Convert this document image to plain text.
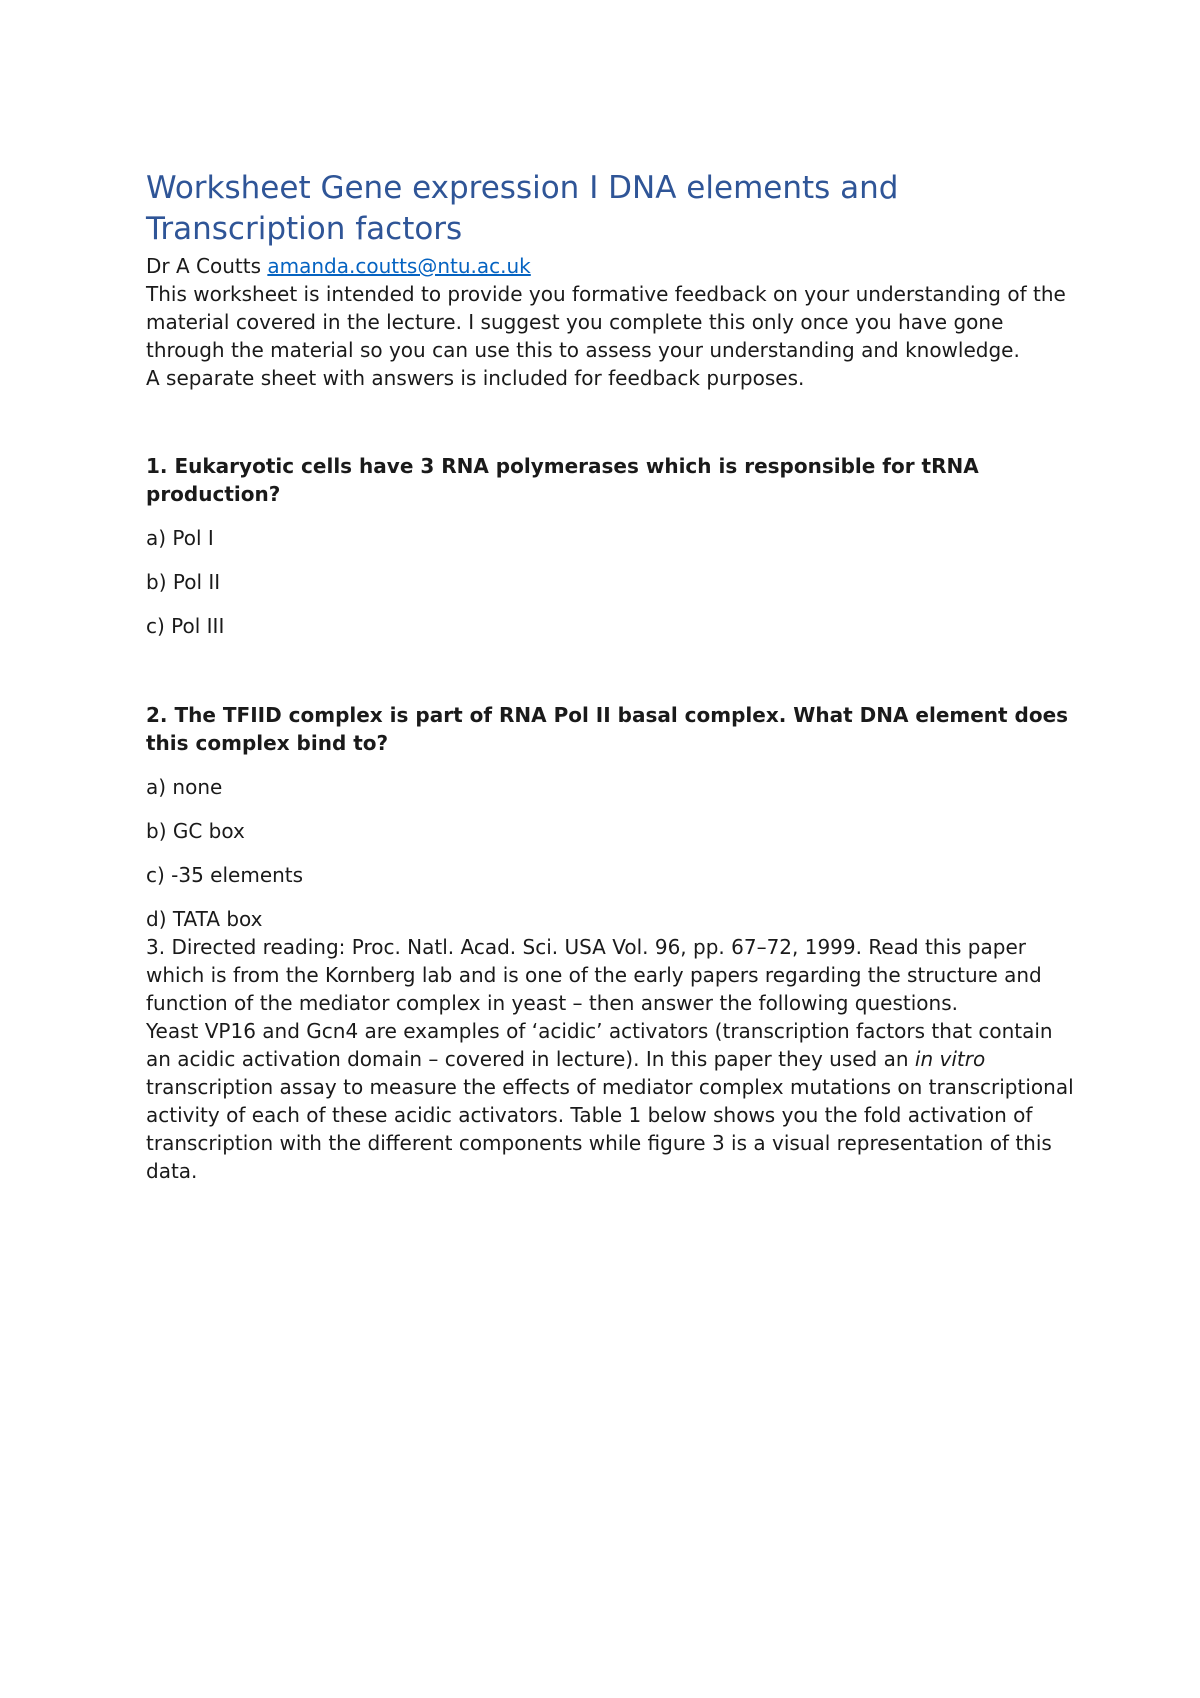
Worksheet Gene expression I DNA elements and Transcription factors

Dr A Coutts amanda.coutts@ntu.ac.uk

This worksheet is intended to provide you formative feedback on your understanding of the material covered in the lecture. I suggest you complete this only once you have gone through the material so you can use this to assess your understanding and knowledge.

A separate sheet with answers is included for feedback purposes.

1. Eukaryotic cells have 3 RNA polymerases which is responsible for tRNA production?

a) Pol I

b) Pol II

c) Pol III

2. The TFIID complex is part of RNA Pol II basal complex. What DNA element does this complex bind to?

a) none

b) GC box

c) -35 elements

d) TATA box

3. Directed reading: Proc. Natl. Acad. Sci. USA Vol. 96, pp. 67–72, 1999. Read this paper which is from the Kornberg lab and is one of the early papers regarding the structure and function of the mediator complex in yeast – then answer the following questions.

Yeast VP16 and Gcn4 are examples of ‘acidic’ activators (transcription factors that contain an acidic activation domain – covered in lecture). In this paper they used an in vitro transcription assay to measure the effects of mediator complex mutations on transcriptional activity of each of these acidic activators. Table 1 below shows you the fold activation of transcription with the different components while figure 3 is a visual representation of this data.
